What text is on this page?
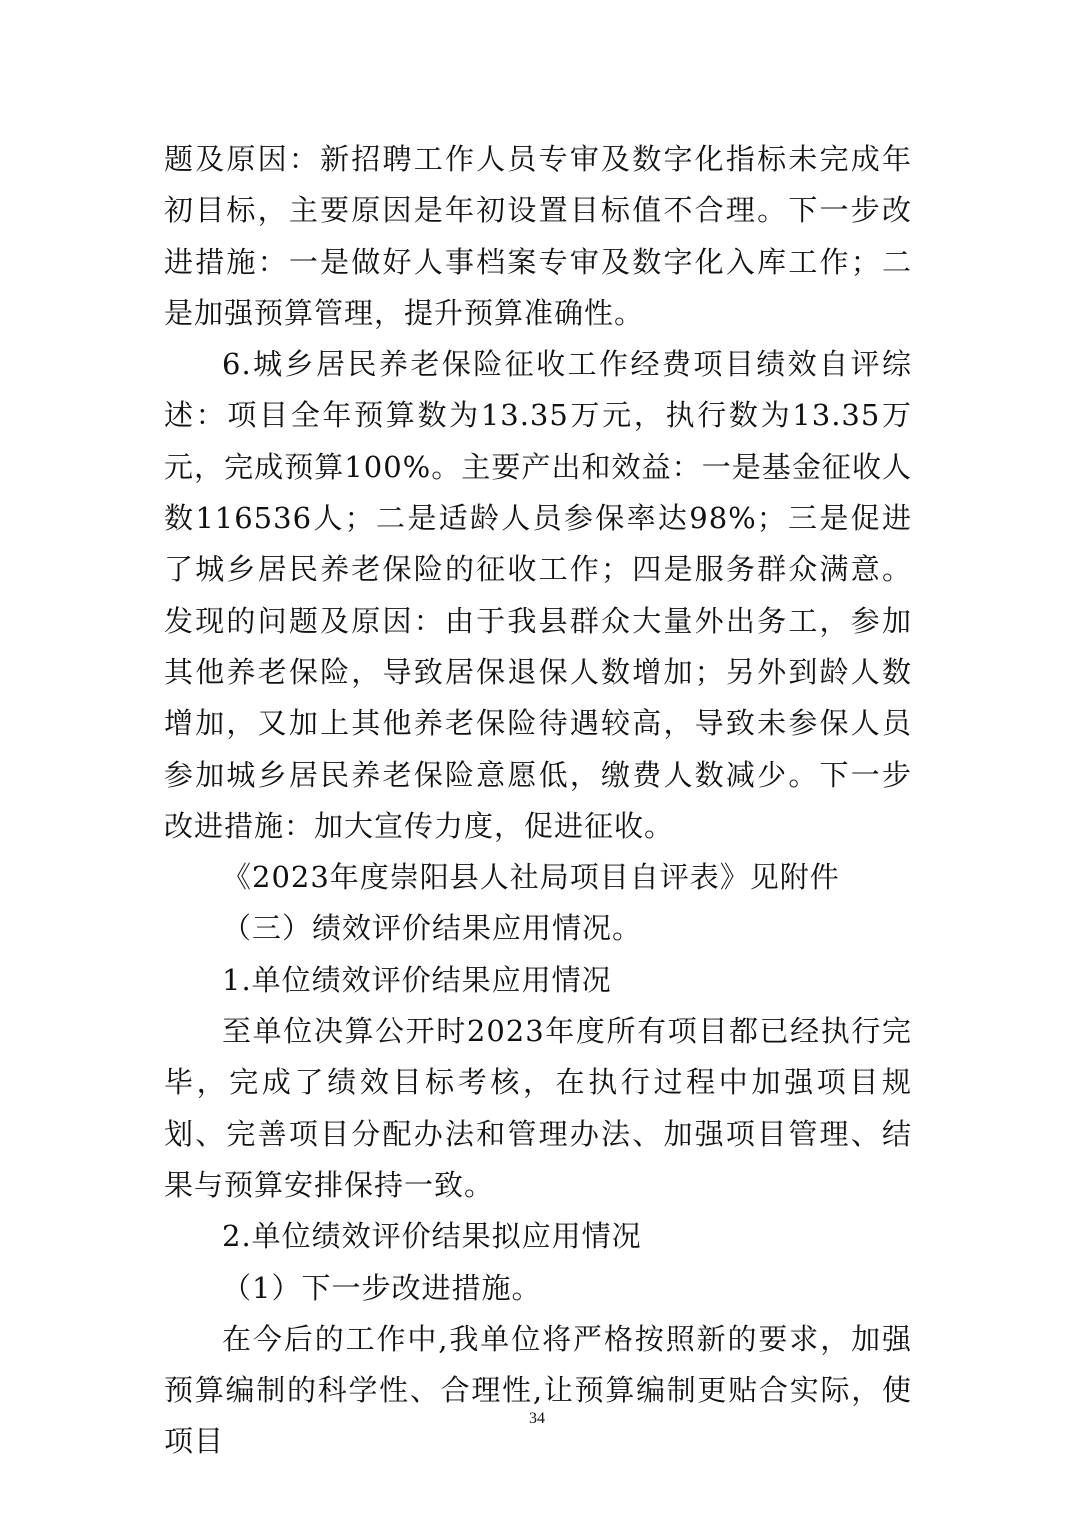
题及原因：新招聘工作人员专审及数字化指标未完成年初目标，主要原因是年初设置目标值不合理。下一步改进措施：一是做好人事档案专审及数字化入库工作；二是加强预算管理，提升预算准确性。

6.城乡居民养老保险征收工作经费项目绩效自评综述：项目全年预算数为13.35万元，执行数为13.35万元，完成预算100%。主要产出和效益：一是基金征收人数116536人；二是适龄人员参保率达98%；三是促进了城乡居民养老保险的征收工作；四是服务群众满意。发现的问题及原因：由于我县群众大量外出务工，参加其他养老保险，导致居保退保人数增加；另外到龄人数增加，又加上其他养老保险待遇较高，导致未参保人员参加城乡居民养老保险意愿低，缴费人数减少。下一步改进措施：加大宣传力度，促进征收。

《2023年度崇阳县人社局项目自评表》见附件

（三）绩效评价结果应用情况。

1.单位绩效评价结果应用情况

至单位决算公开时2023年度所有项目都已经执行完毕，完成了绩效目标考核，在执行过程中加强项目规划、完善项目分配办法和管理办法、加强项目管理、结果与预算安排保持一致。

2.单位绩效评价结果拟应用情况

（1）下一步改进措施。

在今后的工作中,我单位将严格按照新的要求，加强预算编制的科学性、合理性,让预算编制更贴合实际，使项目

34
